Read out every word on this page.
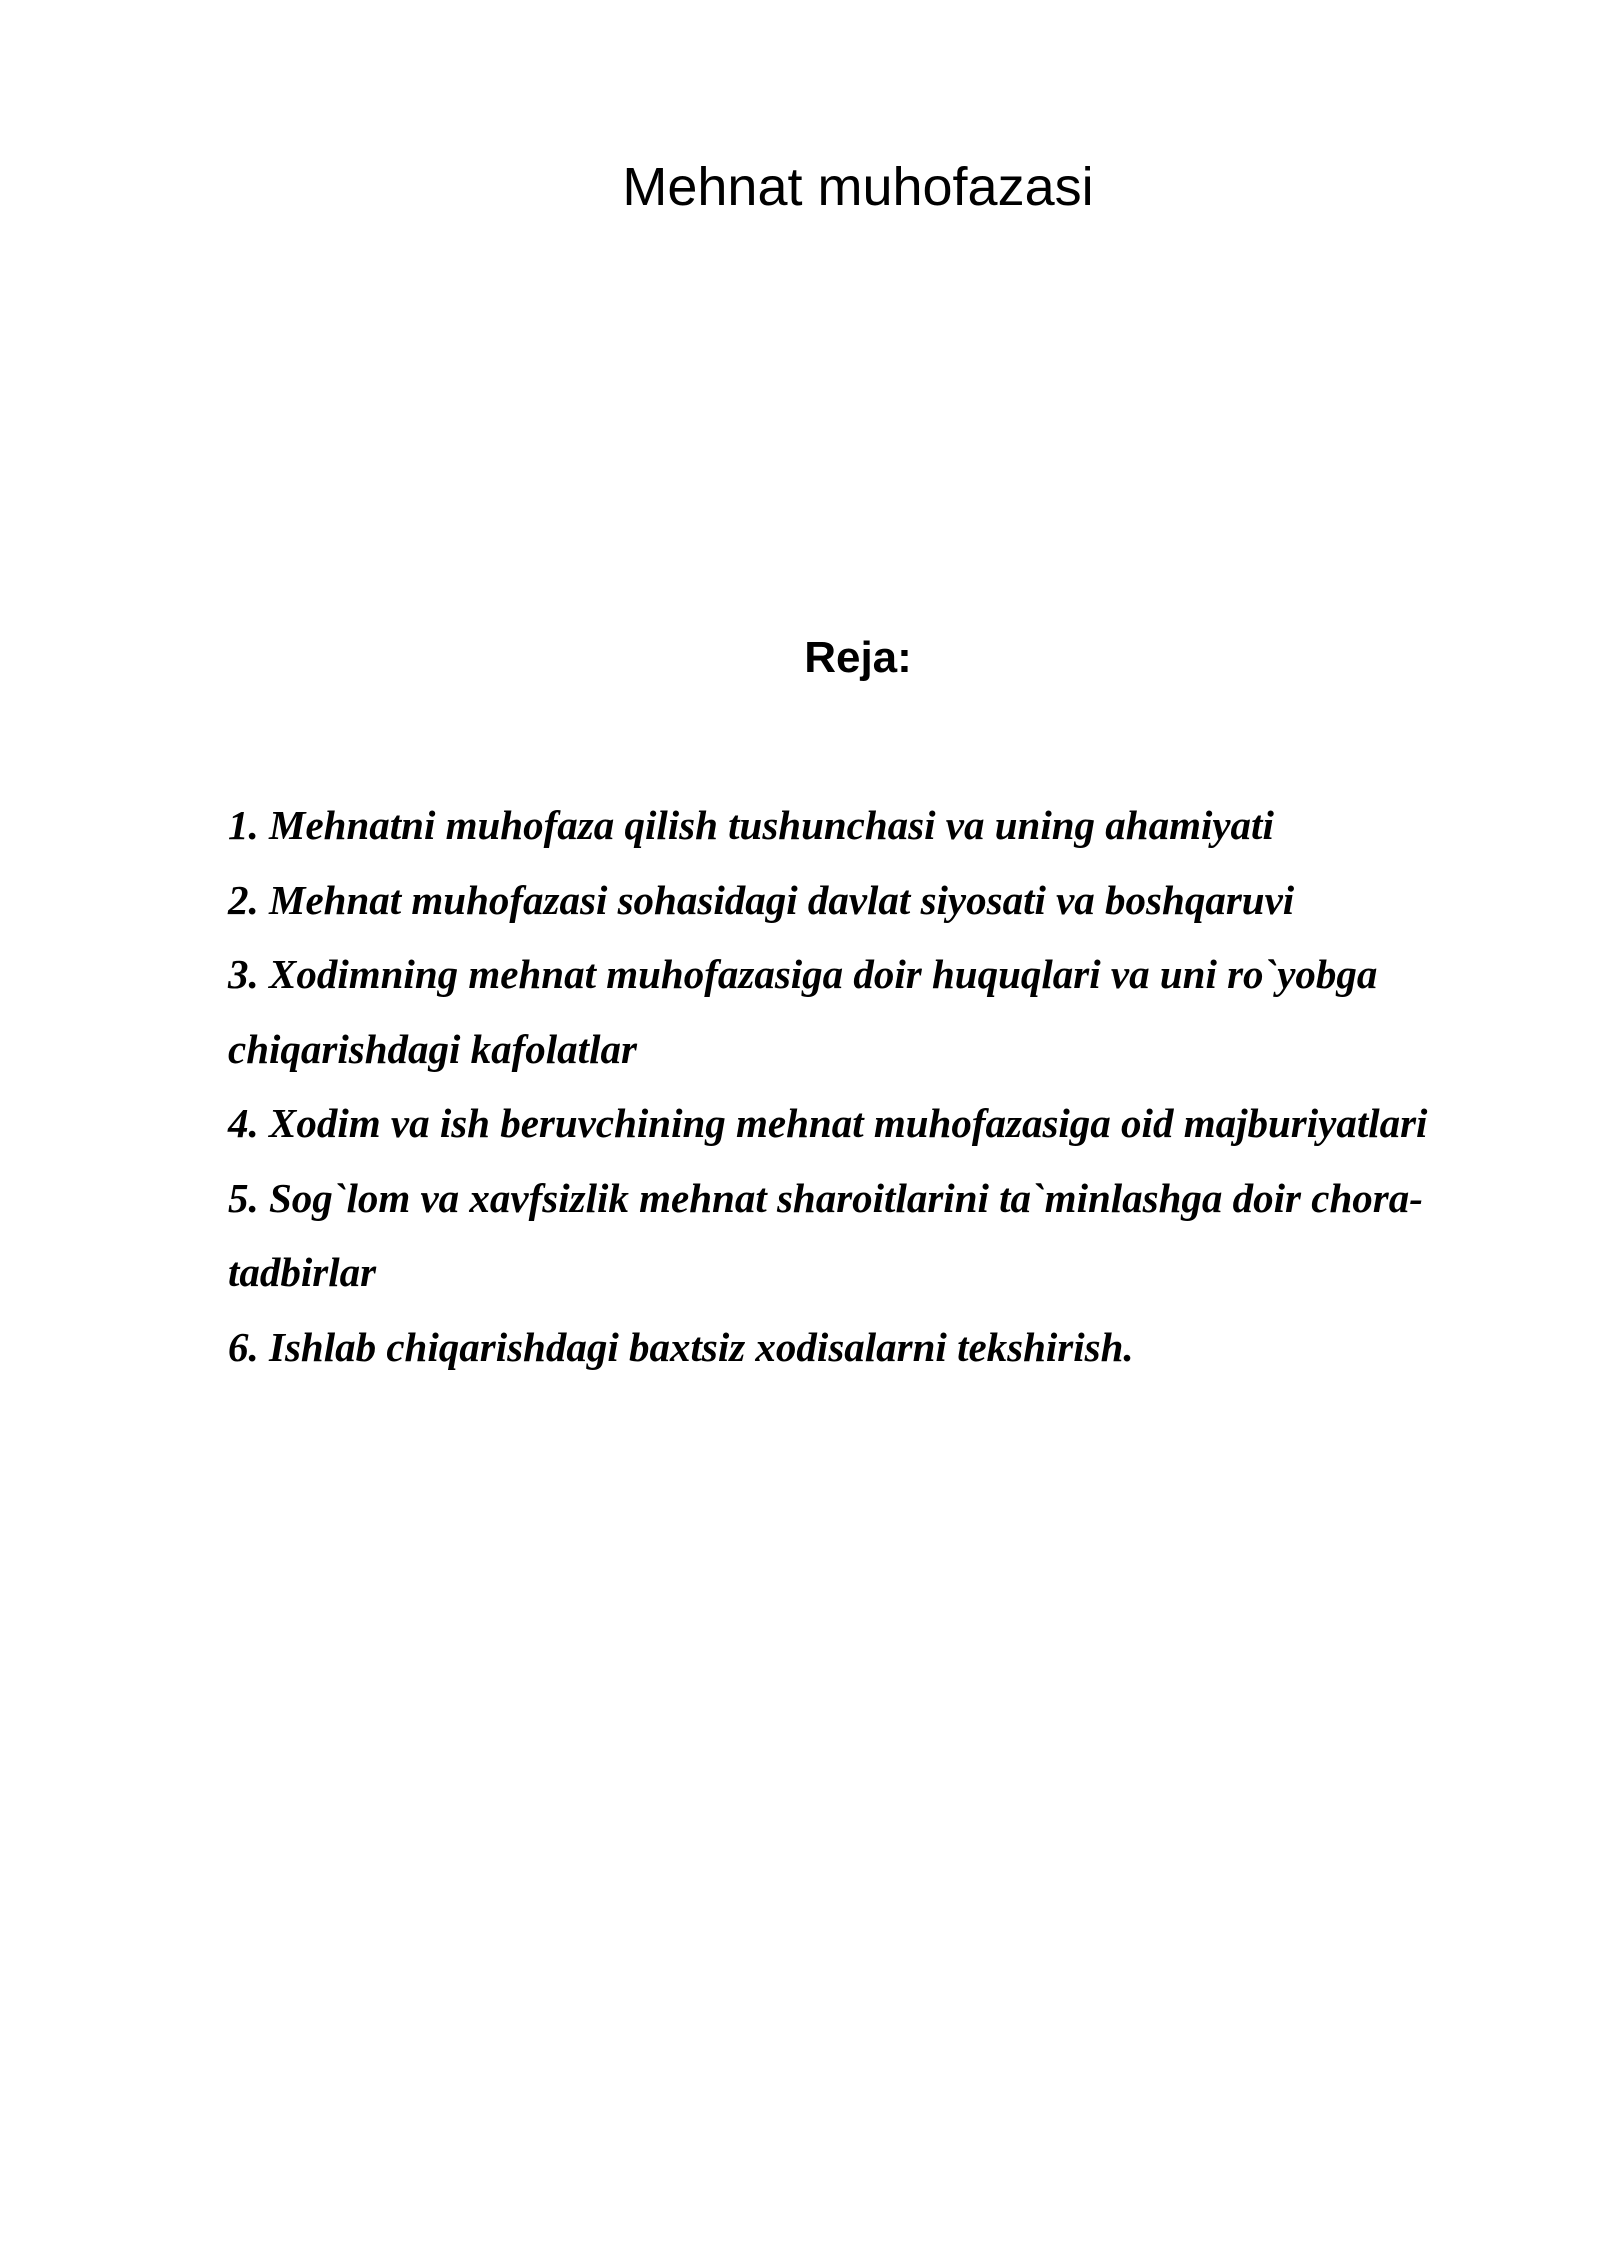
Mehnat muhofazasi
Reja:
1. Mehnatni muhofaza qilish tushunchasi va uning ahamiyati
2. Mehnat muhofazasi sohasidagi davlat siyosati va boshqaruvi
3. Xodimning mehnat muhofazasiga doir huquqlari va uni ro`yobga chiqarishdagi kafolatlar
4. Xodim va ish beruvchining mehnat muhofazasiga oid majburiyatlari
5. Sog`lom va xavfsizlik mehnat sharoitlarini ta`minlashga doir chora-tadbirlar
6. Ishlab chiqarishdagi baxtsiz xodisalarni tekshirish.
